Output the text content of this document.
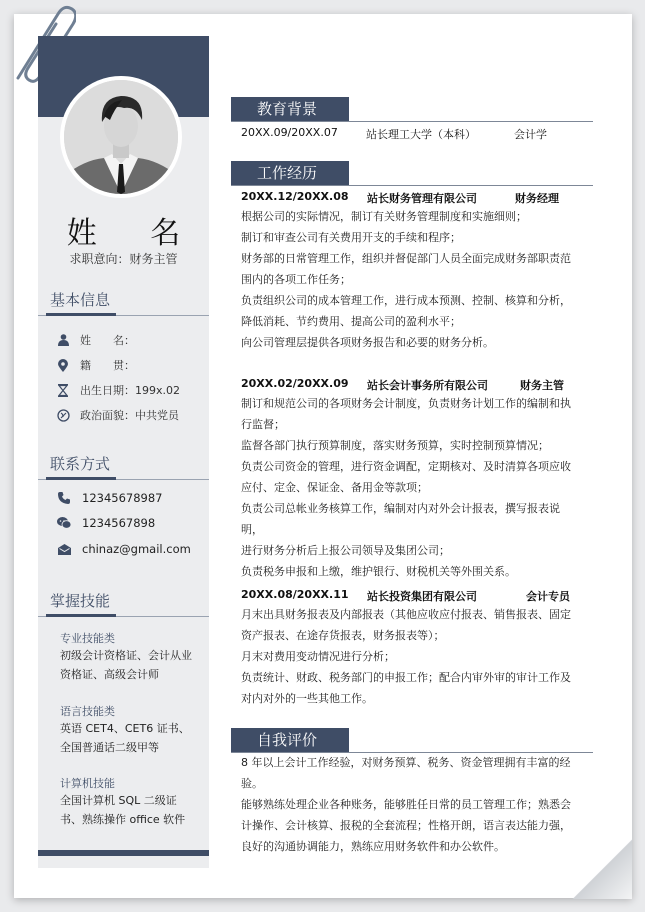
姓 名
求职意向：财务主管
基本信息
姓　　名：
籍　　贯：
出生日期：199x.02
政治面貌：中共党员
联系方式
12345678987
1234567898
chinaz@gmail.com
掌握技能
专业技能类
初级会计资格证、会计从业资格证、高级会计师
语言技能类
英语 CET4、CET6 证书、全国普通话二级甲等
计算机技能
全国计算机 SQL 二级证书、熟练操作 office 软件
教育背景
20XX.09/20XX.07	站长理工大学（本科）	会计学
工作经历
20XX.12/20XX.08 站长财务管理有限公司	财务经理

根据公司的实际情况，制订有关财务管理制度和实施细则；

制订和审查公司有关费用开支的手续和程序；

财务部的日常管理工作，组织并督促部门人员全面完成财务部职责范

围内的各项工作任务；

负责组织公司的成本管理工作，进行成本预测、控制、核算和分析，

降低消耗、节约费用、提高公司的盈利水平；

向公司管理层提供各项财务报告和必要的财务分析。

20XX.02/20XX.09 站长会计事务所有限公司	财务主管

制订和规范公司的各项财务会计制度，负责财务计划工作的编制和执

行监督；

监督各部门执行预算制度，落实财务预算，实时控制预算情况；

负责公司资金的管理，进行资金调配，定期核对、及时清算各项应收

应付、定金、保证金、备用金等款项；

负责公司总帐业务核算工作，编制对内对外会计报表，撰写报表说明，

进行财务分析后上报公司领导及集团公司；

负责税务申报和上缴，维护银行、财税机关等外围关系。

20XX.08/20XX.11 站长投资集团有限公司	会计专员

月末出具财务报表及内部报表（其他应收应付报表、销售报表、固定

资产报表、在途存货报表，财务报表等）；

月末对费用变动情况进行分析；

负责统计、财政、税务部门的申报工作；配合内审外审的审计工作及

对内对外的一些其他工作。

自我评价

8 年以上会计工作经验，对财务预算、税务、资金管理拥有丰富的经验。

能够熟练处理企业各种账务，能够胜任日常的员工管理工作；熟悉会

计操作、会计核算、报税的全套流程；性格开朗，语言表达能力强，

良好的沟通协调能力，熟练应用财务软件和办公软件。
